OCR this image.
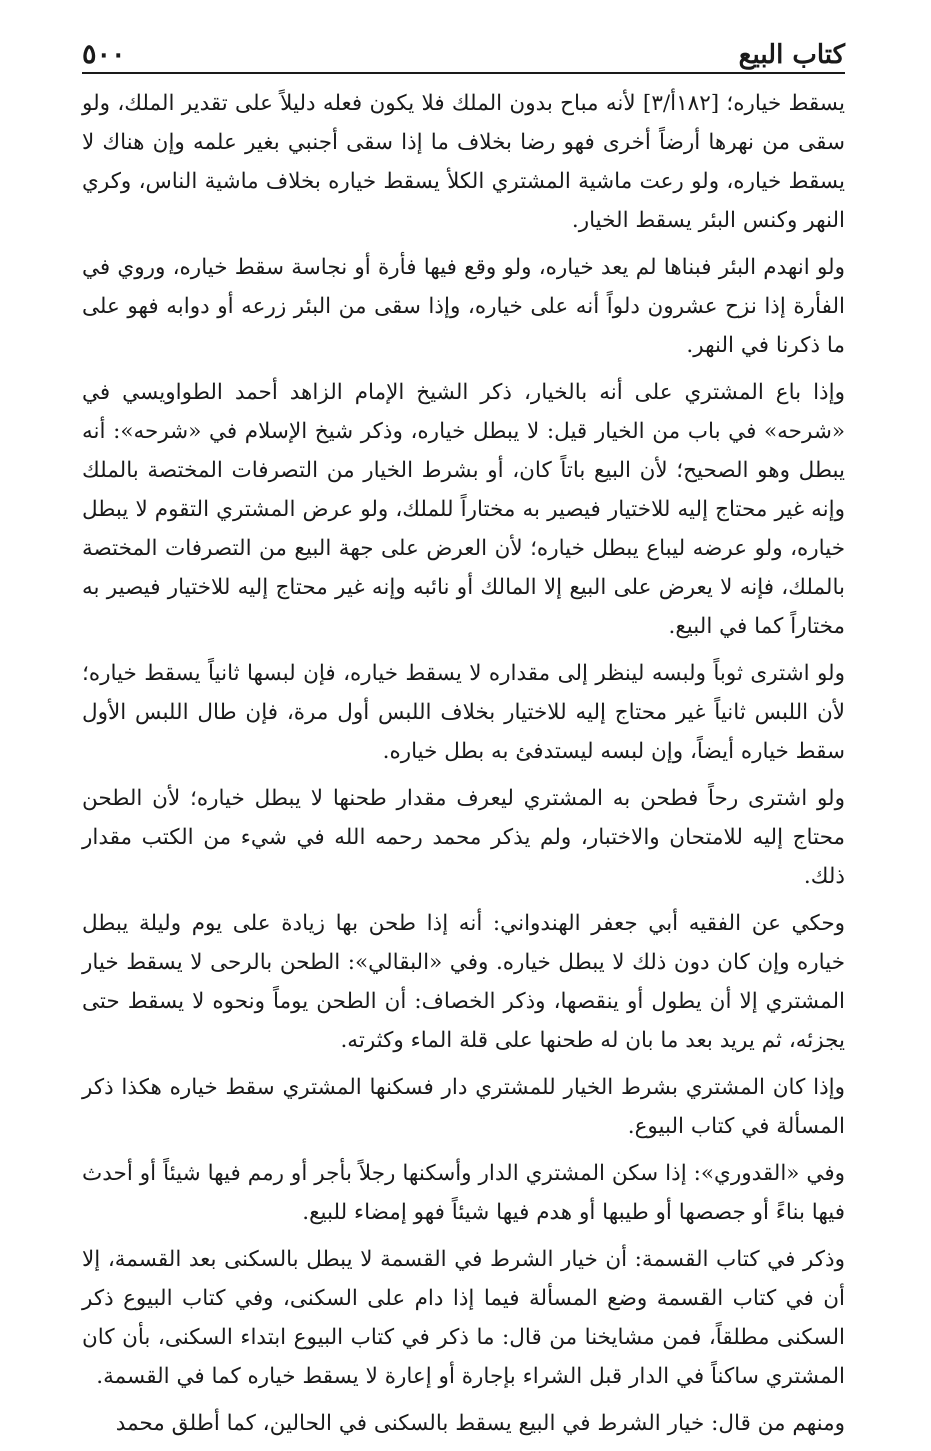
٥٠٠	كتاب البيع

يسقط خياره؛ [١٨٢أ/٣] لأنه مباح بدون الملك فلا يكون فعله دليلاً على تقدير الملك، ولو سقى من نهرها أرضاً أخرى فهو رضا بخلاف ما إذا سقى أجنبي بغير علمه وإن هناك لا يسقط خياره، ولو رعت ماشية المشتري الكلأ يسقط خياره بخلاف ماشية الناس، وكري النهر وكنس البئر يسقط الخيار.

ولو انهدم البئر فبناها لم يعد خياره، ولو وقع فيها فأرة أو نجاسة سقط خياره، وروي في الفأرة إذا نزح عشرون دلواً أنه على خياره، وإذا سقى من البئر زرعه أو دوابه فهو على ما ذكرنا في النهر.

وإذا باع المشتري على أنه بالخيار، ذكر الشيخ الإمام الزاهد أحمد الطواويسي في «شرحه» في باب من الخيار قيل: لا يبطل خياره، وذكر شيخ الإسلام في «شرحه»: أنه يبطل وهو الصحيح؛ لأن البيع باتاً كان، أو بشرط الخيار من التصرفات المختصة بالملك وإنه غير محتاج إليه للاختيار فيصير به مختاراً للملك، ولو عرض المشتري التقوم لا يبطل خياره، ولو عرضه ليباع يبطل خياره؛ لأن العرض على جهة البيع من التصرفات المختصة بالملك، فإنه لا يعرض على البيع إلا المالك أو نائبه وإنه غير محتاج إليه للاختيار فيصير به مختاراً كما في البيع.

ولو اشترى ثوباً ولبسه لينظر إلى مقداره لا يسقط خياره، فإن لبسها ثانياً يسقط خياره؛ لأن اللبس ثانياً غير محتاج إليه للاختيار بخلاف اللبس أول مرة، فإن طال اللبس الأول سقط خياره أيضاً، وإن لبسه ليستدفئ به بطل خياره.

ولو اشترى رحاً فطحن به المشتري ليعرف مقدار طحنها لا يبطل خياره؛ لأن الطحن محتاج إليه للامتحان والاختبار، ولم يذكر محمد رحمه الله في شيء من الكتب مقدار ذلك.

وحكي عن الفقيه أبي جعفر الهندواني: أنه إذا طحن بها زيادة على يوم وليلة يبطل خياره وإن كان دون ذلك لا يبطل خياره. وفي «البقالي»: الطحن بالرحى لا يسقط خيار المشتري إلا أن يطول أو ينقصها، وذكر الخصاف: أن الطحن يوماً ونحوه لا يسقط حتى يجزئه، ثم يريد بعد ما بان له طحنها على قلة الماء وكثرته.

وإذا كان المشتري بشرط الخيار للمشتري دار فسكنها المشتري سقط خياره هكذا ذكر المسألة في كتاب البيوع.

وفي «القدوري»: إذا سكن المشتري الدار وأسكنها رجلاً بأجر أو رمم فيها شيئاً أو أحدث فيها بناءً أو جصصها أو طيبها أو هدم فيها شيئاً فهو إمضاء للبيع.

وذكر في كتاب القسمة: أن خيار الشرط في القسمة لا يبطل بالسكنى بعد القسمة، إلا أن في كتاب القسمة وضع المسألة فيما إذا دام على السكنى، وفي كتاب البيوع ذكر السكنى مطلقاً، فمن مشايخنا من قال: ما ذكر في كتاب البيوع ابتداء السكنى، بأن كان المشتري ساكناً في الدار قبل الشراء بإجارة أو إعارة لا يسقط خياره كما في القسمة.

ومنهم من قال: خيار الشرط في البيع يسقط بالسكنى في الحالين، كما أطلق محمد
